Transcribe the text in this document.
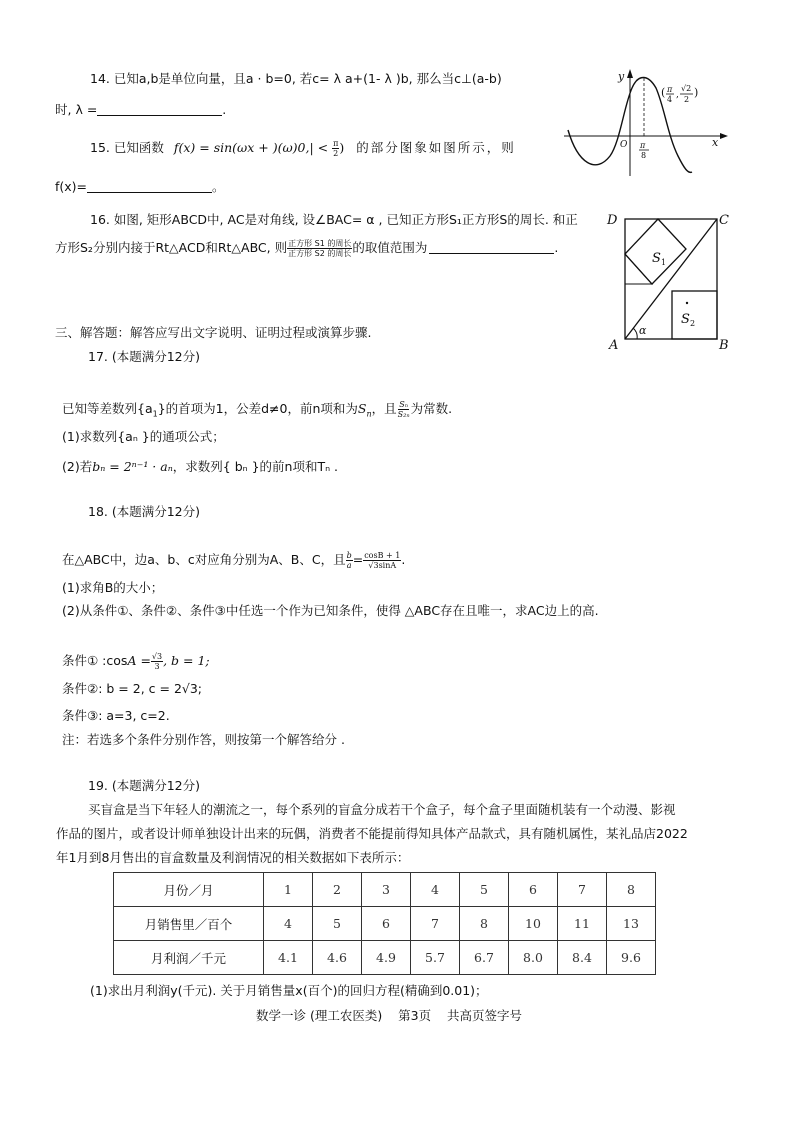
14. 已知a,b是单位向量，且a · b=0, 若c= λ a+(1- λ )b, 那么当c⊥(a-b)
时, λ =	.
15. 已知函数 $f(x) = \sin(\omega x + )(\omega)0,| < \frac{\pi}{2}$ ) 的部分图象如图所示，则
f(x)=	。
y
x
O π
8
( π
4 ,
√2
2
)
16. 如图, 矩形ABCD中, AC是对角线, 设∠BAC= α , 已知正方形S₁正方形S的周长. 和正
方形S₂分别内接于Rt△ACD和Rt△ABC, 则 $\frac{\text{正方形 S1 的周长}}{\text{正方形 S2 的周长}}$ 的取值范围为	.
D	C
A	B
S 1
S 2
α
三、解答题：解答应写出文字说明、证明过程或演算步骤.
17. (本题满分12分)
已知等差数列$\{a_1\}$的首项为1，公差d≠0，前n项和为$S_n$，且 $\frac{\text{Sₙ}}{\text{S₂ₙ}}$ 为常数.
(1)求数列{aₙ }的通项公式；
(2)若bₙ = 2ⁿ⁻¹ · aₙ，求数列{ bₙ }的前n项和Tₙ .
18. (本题满分12分)
在△ABC中，边a、b、c对应角分别为A、B、C，且 $\frac{b}{a} = \frac{\cos B + 1}{√3\sin A}$ .
(1)求角B的大小；
(2)从条件①、条件②、条件③中任选一个作为已知条件，使得 △ABC存在且唯一，求AC边上的高.
条件① :cosA = $\frac{√3}{3}$ , b = 1;
条件②: b = 2, c = 2√3;
条件③: a=3, c=2.
注：若选多个条件分别作答，则按第一个解答给分 .
19. (本题满分12分)
买盲盒是当下年轻人的潮流之一，每个系列的盲盒分成若干个盒子，每个盒子里面随机装有一个动漫、影视
作品的图片，或者设计师单独设计出来的玩偶，消费者不能提前得知具体产品款式，具有随机属性，某礼品店2022
年1月到8月售出的盲盒数量及利润情况的相关数据如下表所示：
月份／月	1	2	3	4	5	6	7	8
月销售里／百个	4	5	6	7	8	10	11	13
月利润／千元	4.1	4.6	4.9	5.7	6.7	8.0	8.4	9.6
(1)求出月利润y(千元). 关于月销售量x(百个)的回归方程(精确到0.01)；
数学一诊 (理工农医类)    第3页    共高页签字号
